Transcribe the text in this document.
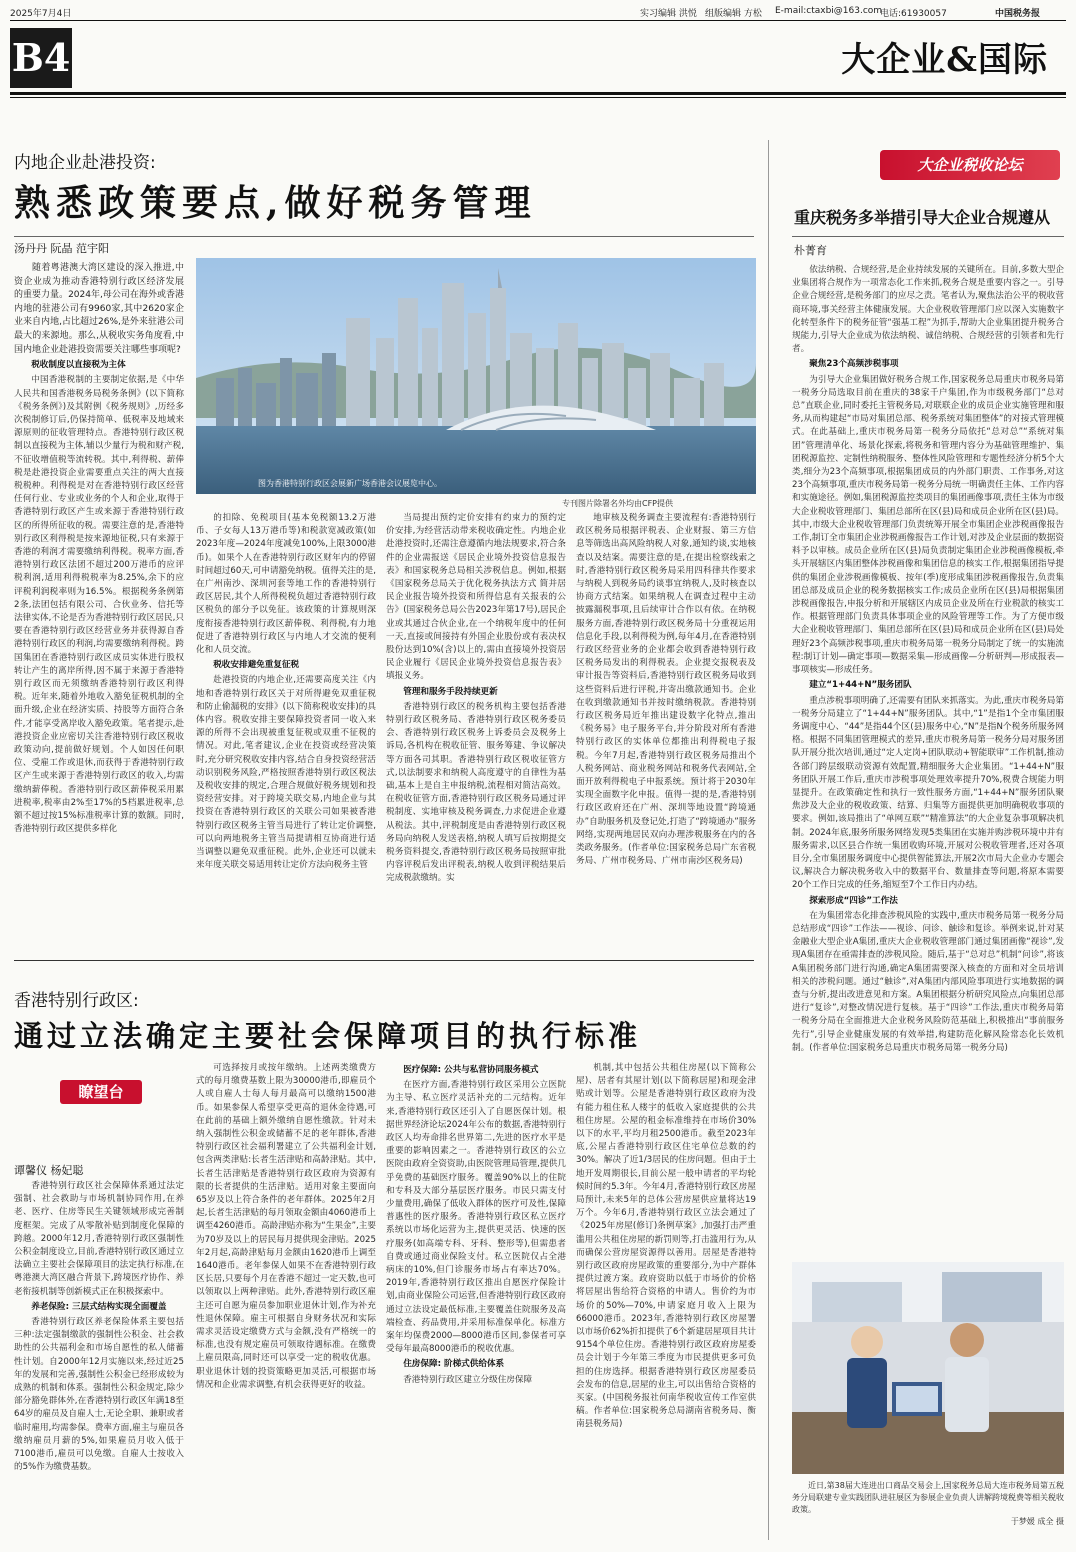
2025年7月4日	实习编辑 洪悦 组版编辑 方松 E-mail:ctaxbi@163.com
电话:61930057	中国税务报
B4	大企业&国际
内地企业赴港投资:
熟悉政策要点,做好税务管理
汤丹丹 阮晶 范宇阳

随着粤港澳大湾区建设的深入推进,中资企业成为推动香港特别行政区经济发展的重要力量。2024年,母公司在海外或香港内地的驻港公司有9960家,其中2620家企业来自内地,占比超过26%,是外来驻港公司最大的来源地。那么,从税收实务角度看,中国内地企业赴港投资需要关注哪些事项呢?

税收制度以直接税为主体

中国香港税制的主要制定依据,是《中华人民共和国香港税务局税务条例》(以下简称《税务条例》)及其附例《税务规则》,历经多次税制修订后,仍保持简单、低税率及地域来源原则的征收管理特点。香港特别行政区税制以直接税为主体,辅以少量行为税和财产税,不征收增值税等流转税。其中,利得税、薪俸税是赴港投资企业需要重点关注的两大直接税税种。利得税是对在香港特别行政区经营任何行业、专业或业务的个人和企业,取得于香港特别行政区产生或来源于香港特别行政区的所得所征收的税。需要注意的是,香港特别行政区利得税是按来源地征税,只有来源于香港的利润才需要缴纳利得税。税率方面,香港特别行政区法团不超过200万港币的应评税利润,适用利得税税率为8.25%,余下的应评税利润税率则为16.5%。根据税务条例第2条,法团包括有限公司、合伙业务、信托等法律实体,不论是否为香港特别行政区居民,只要在香港特别行政区经营业务并获得源自香港特别行政区的利润,均需要缴纳利得税。跨国集团在香港特别行政区成员实体进行股权转让产生的离岸所得,因不属于来源于香港特别行政区而无须缴纳香港特别行政区利得税。近年来,随着外地收入豁免征税机制的全面升级,企业在经济实质、持股等方面符合条件,才能享受离岸收入豁免政策。笔者提示,赴港投资企业应密切关注香港特别行政区税收政策动向,提前做好规划。个人如因任何职位、受雇工作或退休,而获得于香港特别行政区产生或来源于香港特别行政区的收入,均需缴纳薪俸税。香港特别行政区薪俸税采用累进税率,税率由2%至17%的5档累进税率,总额不超过按15%标准税率计算的数额。同时,香港特别行政区提供多样化

图为香港特别行政区会展新广场香港会议展览中心。
专刊图片除署名外均由CFP提供

的扣除、免税项目(基本免税额13.2万港币、子女每人13万港币等)和税款宽减政策(如2023年度—2024年度减免100%,上限3000港币)。如果个人在香港特别行政区财年内的停留时间超过60天,可申请豁免纳税。值得关注的是,在广州南沙、深圳河套等地工作的香港特别行政区居民,其个人所得税税负超过香港特别行政区税负的部分予以免征。该政策的计算规则深度衔接香港特别行政区薪俸税、利得税,有力地促进了香港特别行政区与内地人才交流的便利化和人员交流。

税收安排避免重复征税

赴港投资的内地企业,还需要高度关注《内地和香港特别行政区关于对所得避免双重征税和防止偷漏税的安排》(以下简称税收安排)的具体内容。税收安排主要保障投资者同一收入来源的所得不会出现被重复征税或双重不征税的情况。对此,笔者建议,企业在投资或经营决策时,充分研究税收安排内容,结合自身投资经营活动识别税务风险,严格按照香港特别行政区税法及税收安排的规定,合理合规做好税务规划和投资经营安排。对于跨境关联交易,内地企业与其投资在香港特别行政区的关联公司如果被香港特别行政区税务主管当局进行了转让定价调整,可以向两地税务主管当局提请相互协商进行适当调整以避免双重征税。此外,企业还可以就未来年度关联交易适用转让定价方法向税务主管

当局提出预约定价安排有约束力的预约定价安排,为经营活动带来税收确定性。内地企业赴港投资时,还需注意遵循内地法规要求,符合条件的企业需报送《居民企业境外投资信息报告表》和国家税务总局相关涉税信息。例如,根据《国家税务总局关于优化税务执法方式 简并居民企业报告境外投资和所得信息有关报表的公告》(国家税务总局公告2023年第17号),居民企业或其通过合伙企业,在一个纳税年度中的任何一天,直接或间接持有外国企业股份或有表决权股份达到10%(含)以上的,需由直接境外投资居民企业履行《居民企业境外投资信息报告表》填报义务。

管理和服务手段持续更新

香港特别行政区的税务机构主要包括香港特别行政区税务局、香港特别行政区税务委员会、香港特别行政区税务上诉委员会及税务上诉局,各机构在税收征管、服务筹建、争议解决等方面各司其职。香港特别行政区税收征管方式,以法制要求和纳税人高度遵守的自律性为基础,基本上是自主申报纳税,流程相对简洁高效。在税收征管方面,香港特别行政区税务局通过评税制度、实地审核及税务调查,力求促进企业遵从税法。其中,评税制度是由香港特别行政区税务局向纳税人发送表格,纳税人填写后按期提交税务资料提交,香港特别行政区税务局按照审批内容评税后发出评税表,纳税人收到评税结果后完成税款缴纳。实

地审核及税务调查主要流程有:香港特别行政区税务局根据评税表、企业财报、第三方信息等筛选出高风险纳税人对象,通知约谈,实地核查以及结案。需要注意的是,在提出检察线索之时,香港特别行政区税务局采用四科律共作要求与纳税人到税务局约谈事宜纳税人,及时核查以协商方式结案。如果纳税人在调查过程中主动披露漏税事项,且后续审计合作以有依。在纳税服务方面,香港特别行政区税务局十分重视运用信息化手段,以利得税为例,每年4月,在香港特别行政区经营业务的企业都会收到香港特别行政区税务局发出的利得税表。企业提交报税表及审计报告等资料后,香港特别行政区税务局收到这些资料后进行评税,并寄出缴款通知书。企业在收到缴款通知书并按时缴纳税款。香港特别行政区税务局近年推出建设数字化特点,推出《税务易》电子服务平台,并分阶段对所有香港特别行政区的实体单位都推出利得税电子报税。今年7月起,香港特别行政区税务局推出个人税务网站、商业税务网站和税务代表网站,全面开放利得税电子申报系统。预计将于2030年实现全面数字化申报。值得一提的是,香港特别行政区政府还在广州、深圳等地设置“跨境通办”自助服务机及登记处,打造了“跨境通办”服务网络,实现两地居民双向办理涉税服务在内的各类政务服务。(作者单位:国家税务总局广东省税务局、广州市税务局、广州市南沙区税务局)

香港特别行政区:
通过立法确定主要社会保障项目的执行标准
瞭望台
谭馨仪 杨妃聪

香港特别行政区社会保障体系通过法定强制、社会救助与市场机制协同作用,在养老、医疗、住房等民生关键领域形成完善制度框架。完成了从零散补贴到制度化保障的跨越。2000年12月,香港特别行政区强制性公积金制度设立,目前,香港特别行政区通过立法确立主要社会保障项目的法定执行标准,在粤港澳大湾区融合背景下,跨境医疗协作、养老衔接机制等创新模式正在积极探索中。

养老保险: 三层式结构实现全面覆盖

香港特别行政区养老保险体系主要包括三种:法定强制缴款的强制性公积金、社会救助性的公共福利金和市场自愿性的私人储蓄性计划。自2000年12月实施以来,经过近25年的发展和完善,强制性公积金已经形成较为成熟的机制和体系。强制性公积金规定,除少部分豁免群体外,在香港特别行政区年满18至64岁的雇员及自雇人士,无论全职、兼职或者临时雇用,均需参保。费率方面,雇主与雇员各缴纳雇员月薪的5%,如果雇员月收入低于7100港币,雇员可以免缴。自雇人士按收入的5%作为缴费基数。

可选择按月或按年缴纳。上述两类缴费方式的每月缴费基数上限为30000港币,即雇员个人或自雇人士每人每月最高可以缴纳1500港币。如果参保人希望享受更高的退休金待遇,可在此前的基础上额外缴纳自愿性缴款。针对未纳入强制性公积金或储蓄不足的老年群体,香港特别行政区社会福利署建立了公共福利金计划,包含两类津贴:长者生活津贴和高龄津贴。其中,长者生活津贴是香港特别行政区政府为资源有限的长者提供的生活津贴。适用对象主要面向65岁及以上符合条件的老年群体。2025年2月起,长者生活津贴的每月领取金额由4060港币上调至4260港币。高龄津贴亦称为“生果金”,主要为70岁及以上的居民每月提供现金津贴。2025年2月起,高龄津贴每月金额由1620港币上调至1640港币。老年参保人如果不在香港特别行政区长居,只要每个月在香港不超过一定天数,也可以领取以上两种津贴。此外,香港特别行政区雇主还可自愿为雇员参加职业退休计划,作为补充性退休保障。雇主可根据自身财务状况和实际需求灵活设定缴费方式与金额,没有严格统一的标准,也没有规定雇员可领取待遇标准。在缴费上雇员限高,同时还可以享受一定的税收优惠。职业退休计划的投资策略更加灵活,可根据市场情况和企业需求调整,有机会获得更好的收益。

医疗保障: 公共与私营协同服务模式

在医疗方面,香港特别行政区采用公立医院为主导、私立医疗灵活补充的二元结构。近年来,香港特别行政区还引入了自愿医保计划。根据世界经济论坛2024年公布的数据,香港特别行政区人均寿命排名世界第二,先进的医疗水平是重要的影响因素之一。香港特别行政区的公立医院由政府全资资助,由医院管理局管理,提供几乎免费的基础医疗服务。覆盖90%以上的住院和专科及大部分基层医疗服务。市民只需支付少量费用,确保了低收入群体的医疗可及性,保障普惠性的医疗服务。香港特别行政区私立医疗系统以市场化运营为主,提供更灵活、快速的医疗服务(如高端专科、牙科、整形等),但需患者自费或通过商业保险支付。私立医院仅占全港病床的10%,但门诊服务市场占有率达70%。2019年,香港特别行政区推出自愿医疗保险计划,由商业保险公司运营,但香港特别行政区政府通过立法设定最低标准,主要覆盖住院服务及高端检查、药品费用,并采用标准保单化。标准方案年均保费2000—8000港币区间,参保者可享受每年最高8000港币的税收优惠。

住房保障: 阶梯式供给体系

香港特别行政区建立分级住房保障

机制,其中包括公共租住房屋(以下简称公屋)、居者有其屋计划(以下简称居屋)和现金津贴或计划等。公屋是香港特别行政区政府为没有能力租住私人楼宇的低收入家庭提供的公共租住房屋。公屋的租金标准维持在市场价30%以下的水平,平均月租2500港币。截至2023年底,公屋占香港特别行政区住宅单位总数的约30%。解决了近1/3居民的住房问题。但由于土地开发周期很长,目前公屋一般申请者的平均轮候时间约5.3年。今年4月,香港特别行政区房屋局预计,未来5年的总体公营房屋供应量将达19万个。今年6月,香港特别行政区立法会通过了《2025年房屋(修订)条例草案》,加强打击严重滥用公共租住房屋的新罚则等,打击滥用行为,从而确保公营房屋资源得以善用。居屋是香港特别行政区政府房屋政策的重要部分,为中产群体提供过渡方案。政府资助以低于市场价的价格将居屋出售给符合资格的申请人。售价约为市场价的50%—70%,申请家庭月收入上限为66000港币。2023年,香港特别行政区房屋署以市场价62%折扣提供了6个新建居屋项目共计9154个单位住房。香港特别行政区政府房屋委员会计划于今年第三季度为市民提供更多可负担的住房选择。根据香港特别行政区房屋委员会发布的信息,居屋的业主,可以出售给合资格的买家。(中国税务报社何南华税收宣传工作室供稿。作者单位:国家税务总局湖南省税务局、衡南县税务局)

大企业税收论坛
重庆税务多举措引导大企业合规遵从
朴菁育

依法纳税、合规经营,是企业持续发展的关键所在。目前,多数大型企业集团将合规作为一项常态化工作来抓,税务合规是重要内容之一。引导企业合规经营,是税务部门的应尽之责。笔者认为,聚焦法治公平的税收营商环境,事关经营主体健康发展。大企业税收管理部门应以深入实施数字化转型条件下的税务征管“强基工程”为抓手,帮助大企业集团提升税务合规能力,引导大企业成为依法纳税、诚信纳税、合规经营的引领者和先行者。

聚焦23个高频涉税事项

为引导大企业集团做好税务合规工作,国家税务总局重庆市税务局第一税务分局选取目前在重庆的38家千户集团,作为市级税务部门“总对总”直联企业,同时委托主管税务局,对联联企业的成员企业实施管理和服务,从而构建起“市局对集团总部、税务系统对集团整体”的对接式管理模式。在此基础上,重庆市税务局第一税务分局依托“总对总”“系统对集团”管理清单化、场景化探索,将税务和管理内容分为基础管理维护、集团税源监控、定制性纳税服务、整体性风险管理和专题性经济分析5个大类,细分为23个高频事项,根据集团成员的内外部门职责、工作事务,对这23个高频事项,重庆市税务局第一税务分局统一明确责任主体、工作内容和实施途径。例如,集团税源监控类项目的集团画像事项,责任主体为市级大企业税收管理部门、集团总部所在区(县)局和成员企业所在区(县)局。其中,市级大企业税收管理部门负责统筹开展全市集团企业涉税画像报告工作,制订全市集团企业涉税画像报告工作计划,对涉及企业层面的数据资料予以审核。成员企业所在区(县)局负责制定集团企业涉税画像模板,牵头开展辖区内集团整体涉税画像和集团信息的核实工作,根据集团指导提供的集团企业涉税画像模板、按年(季)度形成集团涉税画像报告,负责集团总部及成员企业的税务数据核实工作;成员企业所在区(县)局根据集团涉税画像报告,申报分析和开展辖区内成员企业及所在行业税款的核实工作。根据管理部门负责具体事项企业的风险管理等工作。为了方便市级大企业税收管理部门、集团总部所在区(县)局和成员企业所在区(县)局处理好23个高频涉税事项,重庆市税务局第一税务分局制定了统一的实施流程:制订计划—确定事项—数据采集—形成画像—分析研判—形成报表—事项核实—形成任务。

建立“1+44+N”服务团队

重点涉税事项明确了,还需要有团队来抓落实。为此,重庆市税务局第一税务分局建立了“1+44+N”服务团队。其中,“1”是指1个全市集团服务调度中心、“44”是指44个区(县)服务中心,“N”是指N个税务所服务网格。根据不同集团管理模式的差异,重庆市税务局第一税务分局对服务团队开展分批次培训,通过“定人定岗+团队联动+智能联审”工作机制,推动各部门跨层级联动资源有效配置,精细服务大企业集团。“1+44+N”服务团队开展工作后,重庆市涉税事项处理效率提升70%,税费合规能力明显提升。在政策确定性和执行一致性服务方面,“1+44+N”服务团队聚焦涉及大企业的税收政策、结算、归集等方面提供更加明确税收事项的要求。例如,该局推出了“单网互联”“精准算法”的大企业复杂事项解决机制。2024年底,服务所服务网络发现5类集团在实施并购涉税环境中并有服务需求,以区县合作统一集团收购环境,开展对公税收管理者,还对各项目分,全市集团服务调度中心提供智能算法,开展2次市局大企业办专题会议,解决合力解决税务收入中的数据平台、数量排查等问题,将原本需要20个工作日完成的任务,缩短至7个工作日内办结。

探索形成“四诊”工作法

在为集团常态化排查涉税风险的实践中,重庆市税务局第一税务分局总结形成“四诊”工作法——视诊、问诊、触诊和复诊。举例来说,针对某金融业大型企业A集团,重庆大企业税收管理部门通过集团画像“视诊”,发现A集团存在亟需排查的涉税风险。随后,基于“总对总”机制“问诊”,将该A集团税务部门进行沟通,确定A集团需要深入核查的方面和对全员培训相关的涉税问题。通过“触诊”,对A集团内部风险事项进行实地数据的调查与分析,提出改进意见和方案。A集团根据分析研究风险点,向集团总部进行“复诊”,对整改情况进行复核。基于“四诊”工作法,重庆市税务局第一税务分局在全面推进大企业税务风险防范基础上,积极推出“事前服务先行”,引导企业健康发展的有效举措,构建防范化解风险常态化长效机制。(作者单位:国家税务总局重庆市税务局第一税务分局)

近日,第38届大连进出口商品交易会上,国家税务总局大连市税务局第五税务分局联建专业实践团队进驻展区为参展企业负责人讲解跨境税费等相关税收政策。

于梦媛 成全 摄
